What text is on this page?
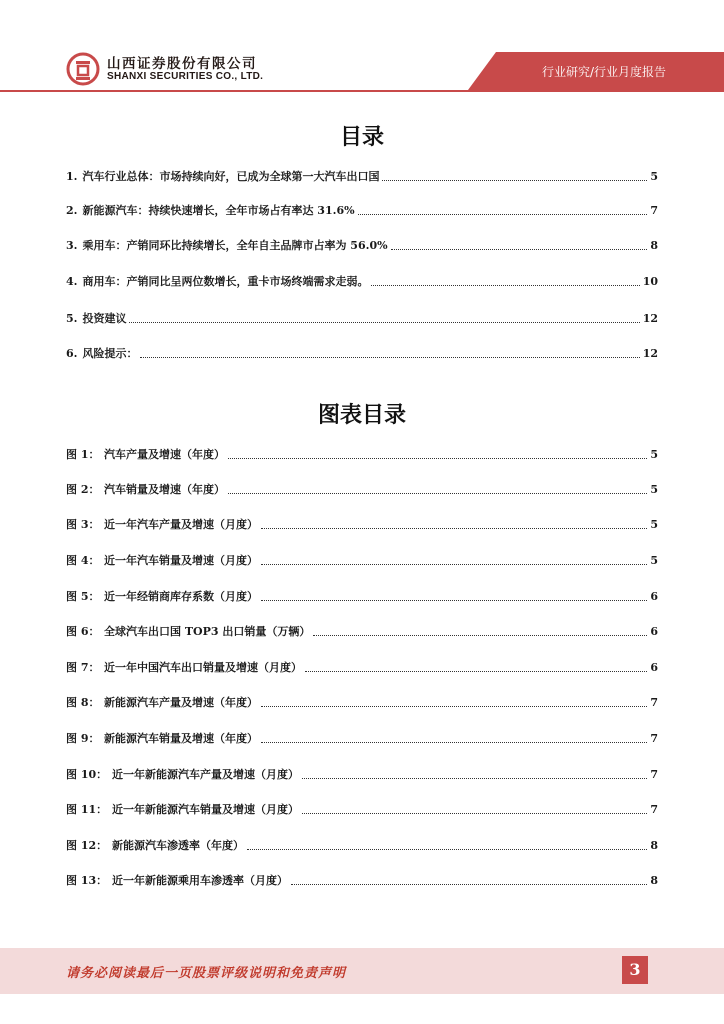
山西证券股份有限公司
SHANXI SECURITIES CO., LTD.	行业研究/行业月度报告
目录
1. 汽车行业总体：市场持续向好，已成为全球第一大汽车出口国	5
2. 新能源汽车：持续快速增长，全年市场占有率达 31.6%	7
3. 乘用车：产销同环比持续增长，全年自主品牌市占率为 56.0%	8
4. 商用车：产销同比呈两位数增长，重卡市场终端需求走弱。	10
5. 投资建议	12
6. 风险提示：	12
图表目录
图 1： 汽车产量及增速（年度）	5
图 2： 汽车销量及增速（年度）	5
图 3： 近一年汽车产量及增速（月度）	5
图 4： 近一年汽车销量及增速（月度）	5
图 5： 近一年经销商库存系数（月度）	6
图 6： 全球汽车出口国 TOP3 出口销量（万辆）	6
图 7： 近一年中国汽车出口销量及增速（月度）	6
图 8： 新能源汽车产量及增速（年度）	7
图 9： 新能源汽车销量及增速（年度）	7
图 10： 近一年新能源汽车产量及增速（月度）	7
图 11： 近一年新能源汽车销量及增速（月度）	7
图 12： 新能源汽车渗透率（年度）	8
图 13： 近一年新能源乘用车渗透率（月度）	8
请务必阅读最后一页股票评级说明和免责声明	3
